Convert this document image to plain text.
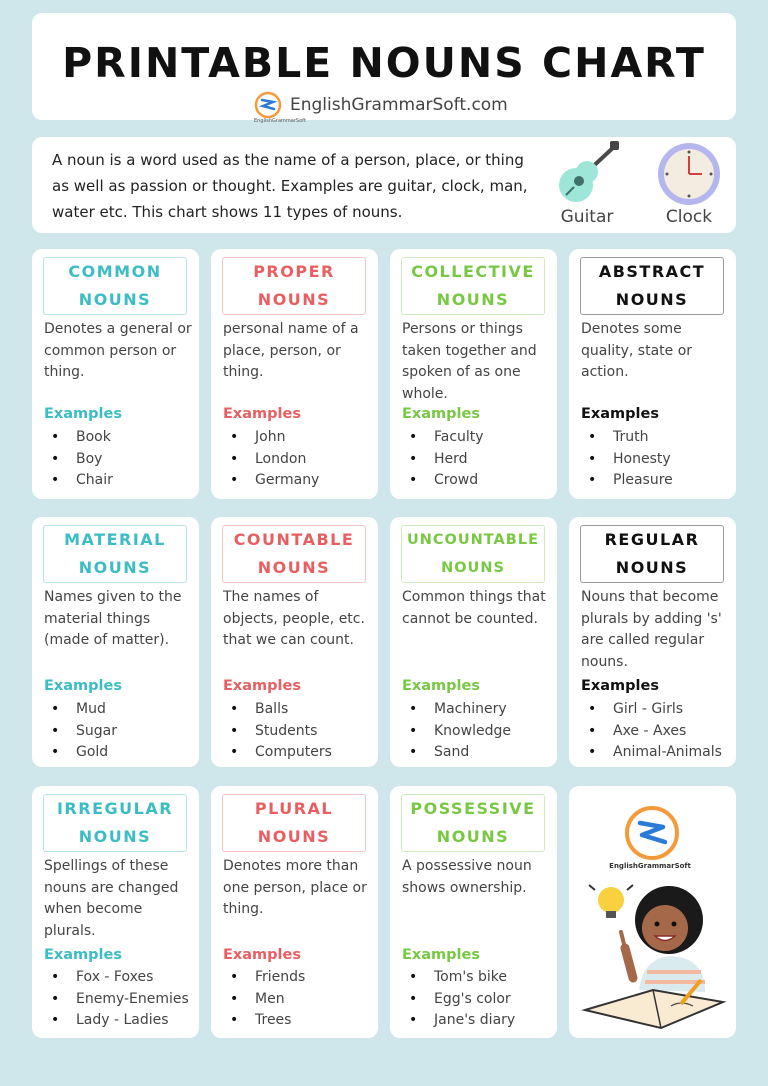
PRINTABLE NOUNS CHART
EnglishGrammarSoft.com
EnglishGrammarSoft
A noun is a word used as the name of a person, place, or thing as well as passion or thought. Examples are guitar, clock, man, water etc. This chart shows 11 types of nouns.	Guitar	Clock
COMMON
NOUNS
Denotes a general or common person or thing.
Examples
• Book
• Boy
• Chair
PROPER
NOUNS
personal name of a place, person, or thing.
Examples
• John
• London
• Germany
COLLECTIVE
NOUNS
Persons or things taken together and spoken of as one whole.
Examples
• Faculty
• Herd
• Crowd
ABSTRACT
NOUNS
Denotes some quality, state or action.
Examples
• Truth
• Honesty
• Pleasure
MATERIAL
NOUNS
Names given to the material things (made of matter).
Examples
• Mud
• Sugar
• Gold
COUNTABLE
NOUNS
The names of objects, people, etc. that we can count.
Examples
• Balls
• Students
• Computers
UNCOUNTABLE
NOUNS
Common things that cannot be counted.
Examples
• Machinery
• Knowledge
• Sand
REGULAR
NOUNS
Nouns that become plurals by adding 's' are called regular nouns.
Examples
• Girl - Girls
• Axe - Axes
• Animal-Animals
IRREGULAR
NOUNS
Spellings of these nouns are changed when become plurals.
Examples
• Fox - Foxes
• Enemy-Enemies
• Lady - Ladies
PLURAL
NOUNS
Denotes more than one person, place or thing.
Examples
• Friends
• Men
• Trees
POSSESSIVE
NOUNS
A possessive noun shows ownership.
Examples
• Tom's bike
• Egg's color
• Jane's diary
EnglishGrammarSoft
